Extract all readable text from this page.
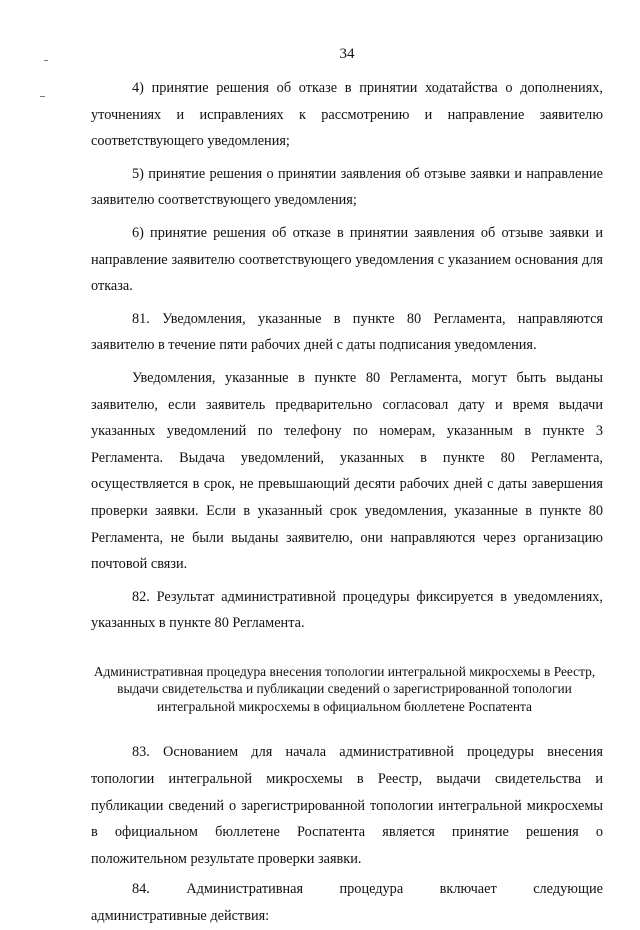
34

4) принятие решения об отказе в принятии ходатайства о дополнениях, уточнениях и исправлениях к рассмотрению и направление заявителю соответствующего уведомления;

5) принятие решения о принятии заявления об отзыве заявки и направление заявителю соответствующего уведомления;

6) принятие решения об отказе в принятии заявления об отзыве заявки и направление заявителю соответствующего уведомления с указанием основания для отказа.

81. Уведомления, указанные в пункте 80 Регламента, направляются заявителю в течение пяти рабочих дней с даты подписания уведомления.

Уведомления, указанные в пункте 80 Регламента, могут быть выданы заявителю, если заявитель предварительно согласовал дату и время выдачи указанных уведомлений по телефону по номерам, указанным в пункте 3 Регламента. Выдача уведомлений, указанных в пункте 80 Регламента, осуществляется в срок, не превышающий десяти рабочих дней с даты завершения проверки заявки. Если в указанный срок уведомления, указанные в пункте 80 Регламента, не были выданы заявителю, они направляются через организацию почтовой связи.

82. Результат административной процедуры фиксируется в уведомлениях, указанных в пункте 80 Регламента.

Административная процедура внесения топологии интегральной микросхемы в Реестр, выдачи свидетельства и публикации сведений о зарегистрированной топологии интегральной микросхемы в официальном бюллетене Роспатента

83. Основанием для начала административной процедуры внесения топологии интегральной микросхемы в Реестр, выдачи свидетельства и публикации сведений о зарегистрированной топологии интегральной микросхемы в официальном бюллетене Роспатента является принятие решения о положительном результате проверки заявки.

84.	Административная	процедура	включает	следующие
административные действия:
